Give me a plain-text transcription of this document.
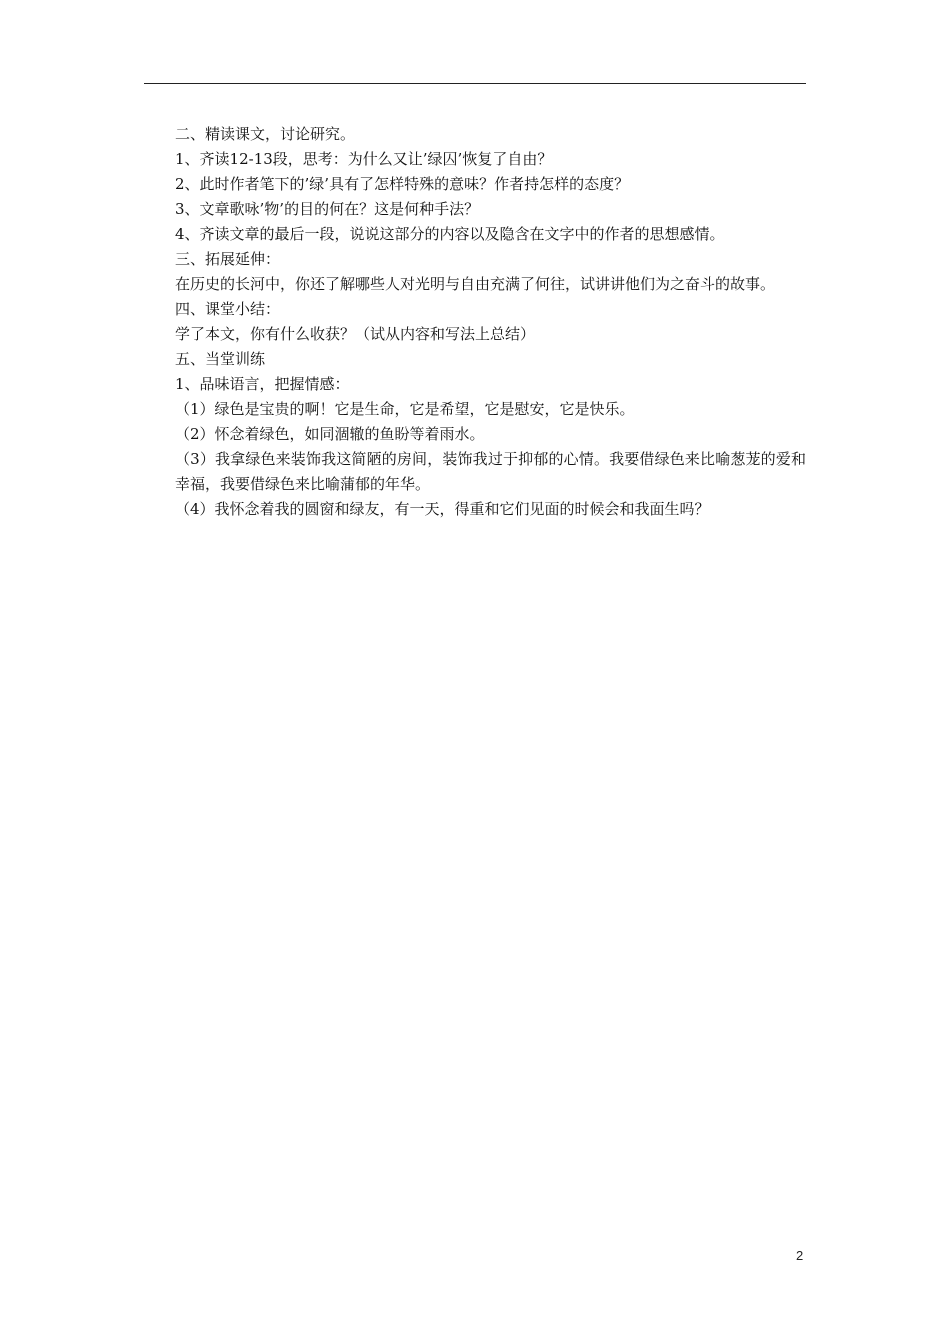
二、精读课文，讨论研究。
1、齐读12-13段，思考：为什么又让’绿囚’恢复了自由？
2、此时作者笔下的’绿’具有了怎样特殊的意味？作者持怎样的态度？
3、文章歌咏’物’的目的何在？这是何种手法？
4、齐读文章的最后一段，说说这部分的内容以及隐含在文字中的作者的思想感情。
三、拓展延伸：
在历史的长河中，你还了解哪些人对光明与自由充满了何往，试讲讲他们为之奋斗的故事。
四、课堂小结：
学了本文，你有什么收获？（试从内容和写法上总结）
五、当堂训练
1、品味语言，把握情感：
（1）绿色是宝贵的啊！它是生命，它是希望，它是慰安，它是快乐。
（2）怀念着绿色，如同涸辙的鱼盼等着雨水。
（3）我拿绿色来装饰我这简陋的房间，装饰我过于抑郁的心情。我要借绿色来比喻葱茏的爱和幸福，我要借绿色来比喻蒲郁的年华。
（4）我怀念着我的圆窗和绿友，有一天，得重和它们见面的时候会和我面生吗？
2
